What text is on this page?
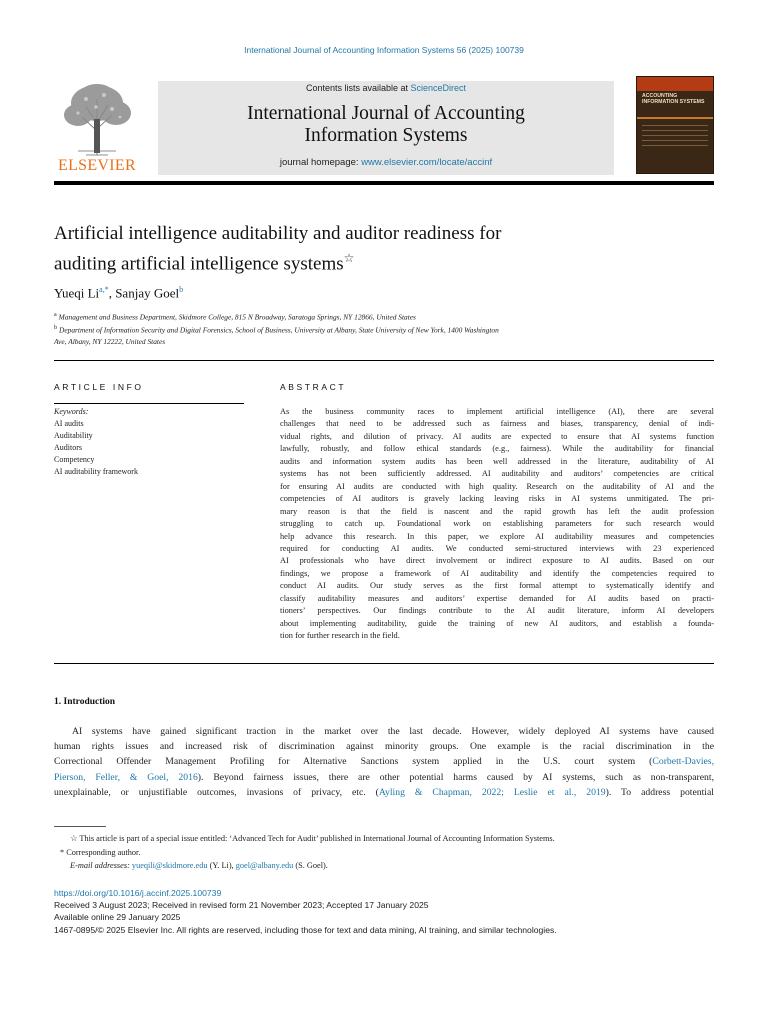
International Journal of Accounting Information Systems 56 (2025) 100739
ELSEVIER
Contents lists available at ScienceDirect
International Journal of Accounting
Information Systems
journal homepage: www.elsevier.com/locate/accinf
ACCOUNTING INFORMATION SYSTEMS
Artificial intelligence auditability and auditor readiness for
auditing artificial intelligence systems☆
Yueqi $Li^{a,*}$, Sanjay Goel$^b$
$^a$ Management and Business Department, Skidmore College, 815 N Broadway, Saratoga Springs, NY 12866, United States
$^b$ Department of Information Security and Digital Forensics, School of Business, University at Albany, State University of New York, 1400 Washington
Ave, Albany, NY 12222, United States
ARTICLE INFO	ABSTRACT
Keywords:
AI audits
Auditability
Auditors
Competency
AI auditability framework
As the business community races to implement artificial intelligence (AI), there are several
challenges that need to be addressed such as fairness and biases, transparency, denial of indi-
vidual rights, and dilution of privacy. AI audits are expected to ensure that AI systems function
lawfully, robustly, and follow ethical standards (e.g., fairness). While the auditability for financial
audits and information system audits has been well addressed in the literature, auditability of AI
systems has not been sufficiently addressed. AI auditability and auditors’ competencies are critical
for ensuring AI audits are conducted with high quality. Research on the auditability of AI and the
competencies of AI auditors is gravely lacking leaving risks in AI systems unmitigated. The pri-
mary reason is that the field is nascent and the rapid growth has left the audit profession
struggling to catch up. Foundational work on establishing parameters for such research would
help advance this research. In this paper, we explore AI auditability measures and competencies
required for conducting AI audits. We conducted semi-structured interviews with 23 experienced
AI professionals who have direct involvement or indirect exposure to AI audits. Based on our
findings, we propose a framework of AI auditability and identify the competencies required to
conduct AI audits. Our study serves as the first formal attempt to systematically identify and
classify auditability measures and auditors’ expertise demanded for AI audits based on practi-
tioners’ perspectives. Our findings contribute to the AI audit literature, inform AI developers
about implementing auditability, guide the training of new AI auditors, and establish a founda-
tion for further research in the field.
1. Introduction
AI systems have gained significant traction in the market over the last decade. However, widely deployed AI systems have caused
human rights issues and increased risk of discrimination against minority groups. One example is the racial discrimination in the
Correctional Offender Management Profiling for Alternative Sanctions system applied in the U.S. court system (Corbett-Davies,
Pierson, Feller, & Goel, 2016). Beyond fairness issues, there are other potential harms caused by AI systems, such as non-transparent,
unexplainable, or unjustifiable outcomes, invasions of privacy, etc. (Ayling & Chapman, 2022; Leslie et al., 2019). To address potential
☆ This article is part of a special issue entitled: ‘Advanced Tech for Audit’ published in International Journal of Accounting Information Systems.
* Corresponding author.
E-mail addresses: yueqili@skidmore.edu (Y. Li), goel@albany.edu (S. Goel).
https://doi.org/10.1016/j.accinf.2025.100739
Received 3 August 2023; Received in revised form 21 November 2023; Accepted 17 January 2025
Available online 29 January 2025
1467-0895/© 2025 Elsevier Inc. All rights are reserved, including those for text and data mining, AI training, and similar technologies.
